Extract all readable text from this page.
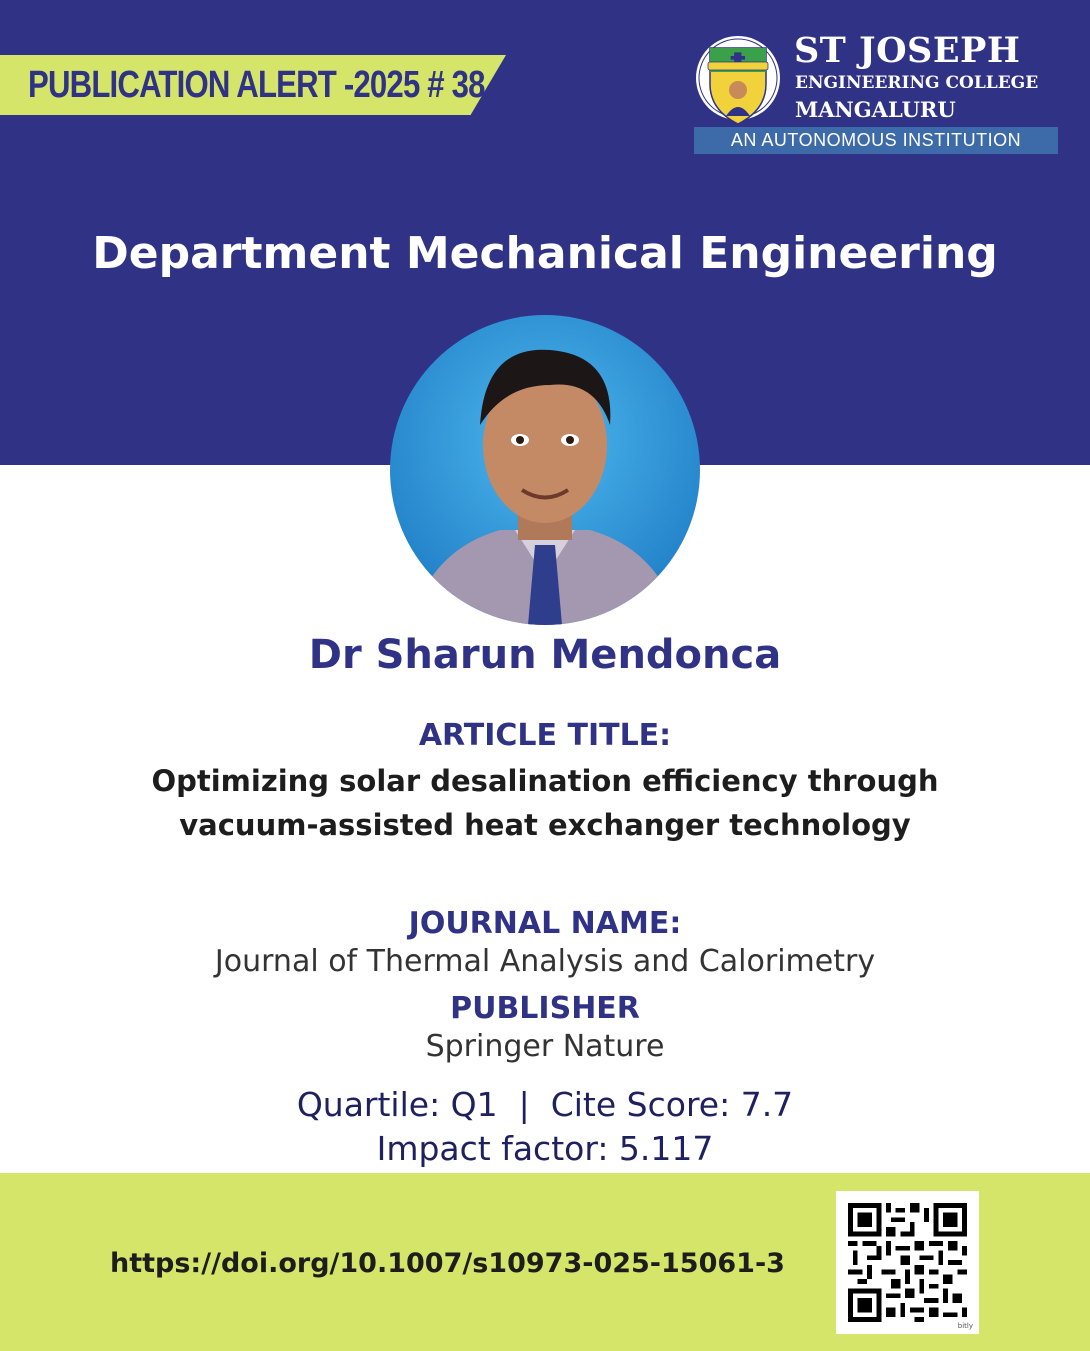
PUBLICATION ALERT -2025 # 38
ST JOSEPH
ENGINEERING COLLEGE
MANGALURU
AN AUTONOMOUS INSTITUTION
Department Mechanical Engineering
Dr Sharun Mendonca
ARTICLE TITLE:
Optimizing solar desalination efficiency through
vacuum-assisted heat exchanger technology
JOURNAL NAME:
Journal of Thermal Analysis and Calorimetry
PUBLISHER
Springer Nature
Quartile: Q1  |  Cite Score: 7.7
Impact factor: 5.117
https://doi.org/10.1007/s10973-025-15061-3
bitly
